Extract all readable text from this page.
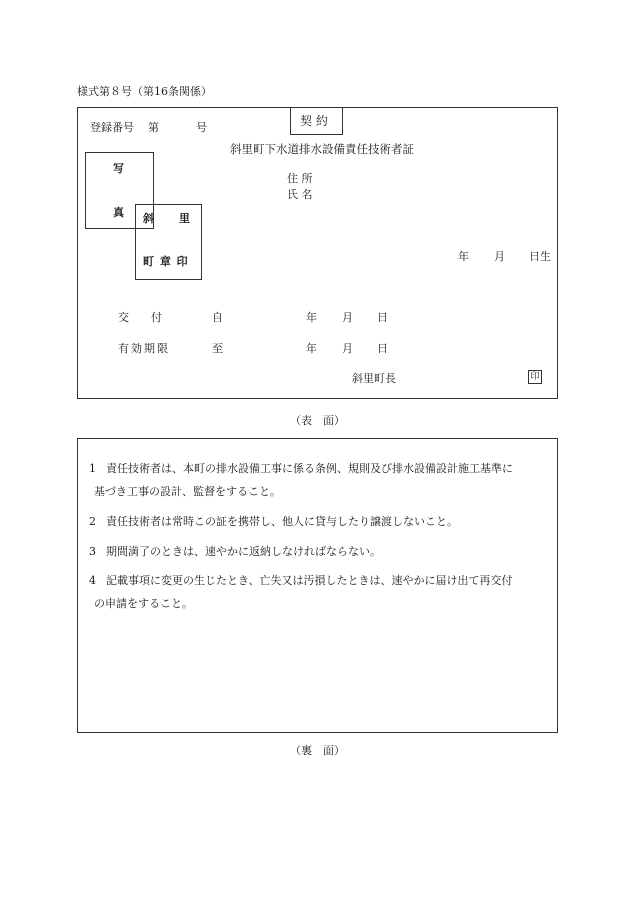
様式第８号（第16条関係）
契 約
登録番号 第	号
斜里町下水道排水設備責任技術者証
写
真 斜 里
町 章 印
住 所
氏 名
年 月 日生
交　　付	自	年 月 日
有効期限	至	年 月 日
斜里町長	印
（表　面）
1 責任技術者は、本町の排水設備工事に係る条例、規則及び排水設備設計施工基準に
基づき工事の設計、監督をすること。
2 責任技術者は常時この証を携帯し、他人に貸与したり譲渡しないこと。
3 期間満了のときは、速やかに返納しなければならない。
4 記載事項に変更の生じたとき、亡失又は汚損したときは、速やかに届け出て再交付
の申請をすること。
（裏　面）
